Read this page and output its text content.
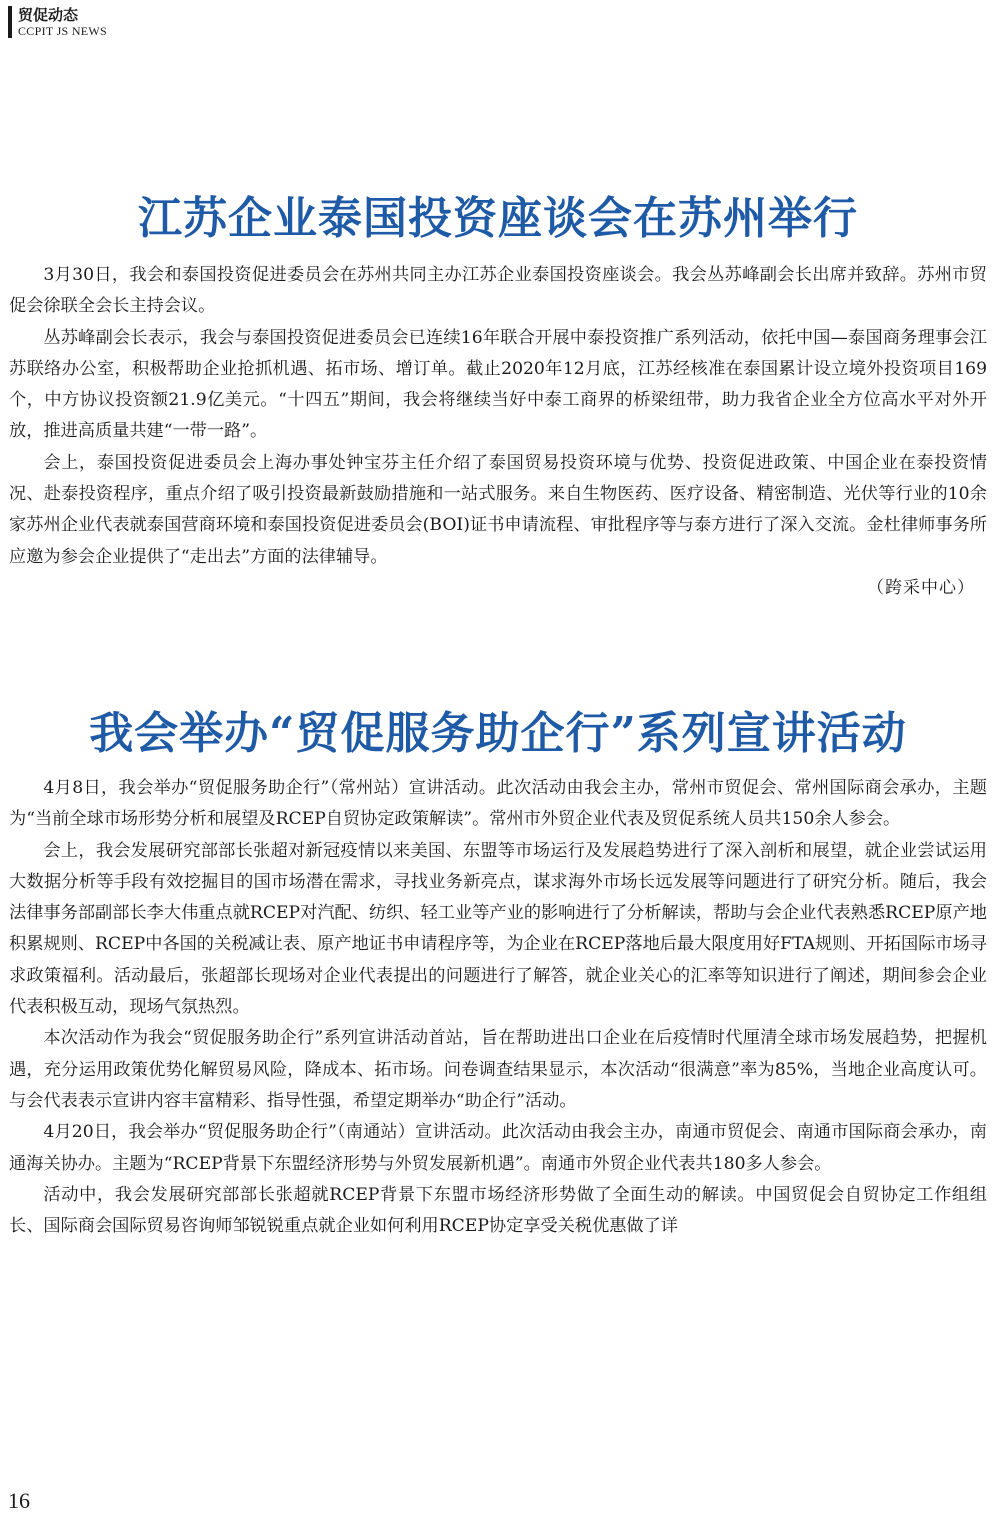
贸促动态
CCPIT JS NEWS
江苏企业泰国投资座谈会在苏州举行

3月30日，我会和泰国投资促进委员会在苏州共同主办江苏企业泰国投资座谈会。我会丛苏峰副会长出席并致辞。苏州市贸促会徐联全会长主持会议。

丛苏峰副会长表示，我会与泰国投资促进委员会已连续16年联合开展中泰投资推广系列活动，依托中国—泰国商务理事会江苏联络办公室，积极帮助企业抢抓机遇、拓市场、增订单。截止2020年12月底，江苏经核准在泰国累计设立境外投资项目169个，中方协议投资额21.9亿美元。“十四五”期间，我会将继续当好中泰工商界的桥梁纽带，助力我省企业全方位高水平对外开放，推进高质量共建“一带一路”。

会上，泰国投资促进委员会上海办事处钟宝芬主任介绍了泰国贸易投资环境与优势、投资促进政策、中国企业在泰投资情况、赴泰投资程序，重点介绍了吸引投资最新鼓励措施和一站式服务。来自生物医药、医疗设备、精密制造、光伏等行业的10余家苏州企业代表就泰国营商环境和泰国投资促进委员会(BOI)证书申请流程、审批程序等与泰方进行了深入交流。金杜律师事务所应邀为参会企业提供了“走出去”方面的法律辅导。

（跨采中心）

我会举办“贸促服务助企行”系列宣讲活动

4月8日，我会举办“贸促服务助企行”（常州站）宣讲活动。此次活动由我会主办，常州市贸促会、常州国际商会承办，主题为“当前全球市场形势分析和展望及RCEP自贸协定政策解读”。常州市外贸企业代表及贸促系统人员共150余人参会。

会上，我会发展研究部部长张超对新冠疫情以来美国、东盟等市场运行及发展趋势进行了深入剖析和展望，就企业尝试运用大数据分析等手段有效挖掘目的国市场潜在需求，寻找业务新亮点，谋求海外市场长远发展等问题进行了研究分析。随后，我会法律事务部副部长李大伟重点就RCEP对汽配、纺织、轻工业等产业的影响进行了分析解读，帮助与会企业代表熟悉RCEP原产地积累规则、RCEP中各国的关税减让表、原产地证书申请程序等，为企业在RCEP落地后最大限度用好FTA规则、开拓国际市场寻求政策福利。活动最后，张超部长现场对企业代表提出的问题进行了解答，就企业关心的汇率等知识进行了阐述，期间参会企业代表积极互动，现场气氛热烈。

本次活动作为我会“贸促服务助企行”系列宣讲活动首站，旨在帮助进出口企业在后疫情时代厘清全球市场发展趋势，把握机遇，充分运用政策优势化解贸易风险，降成本、拓市场。问卷调查结果显示，本次活动“很满意”率为85%，当地企业高度认可。与会代表表示宣讲内容丰富精彩、指导性强，希望定期举办“助企行”活动。

4月20日，我会举办“贸促服务助企行”（南通站）宣讲活动。此次活动由我会主办，南通市贸促会、南通市国际商会承办，南通海关协办。主题为“RCEP背景下东盟经济形势与外贸发展新机遇”。南通市外贸企业代表共180多人参会。

活动中，我会发展研究部部长张超就RCEP背景下东盟市场经济形势做了全面生动的解读。中国贸促会自贸协定工作组组长、国际商会国际贸易咨询师邹锐锐重点就企业如何利用RCEP协定享受关税优惠做了详

16
